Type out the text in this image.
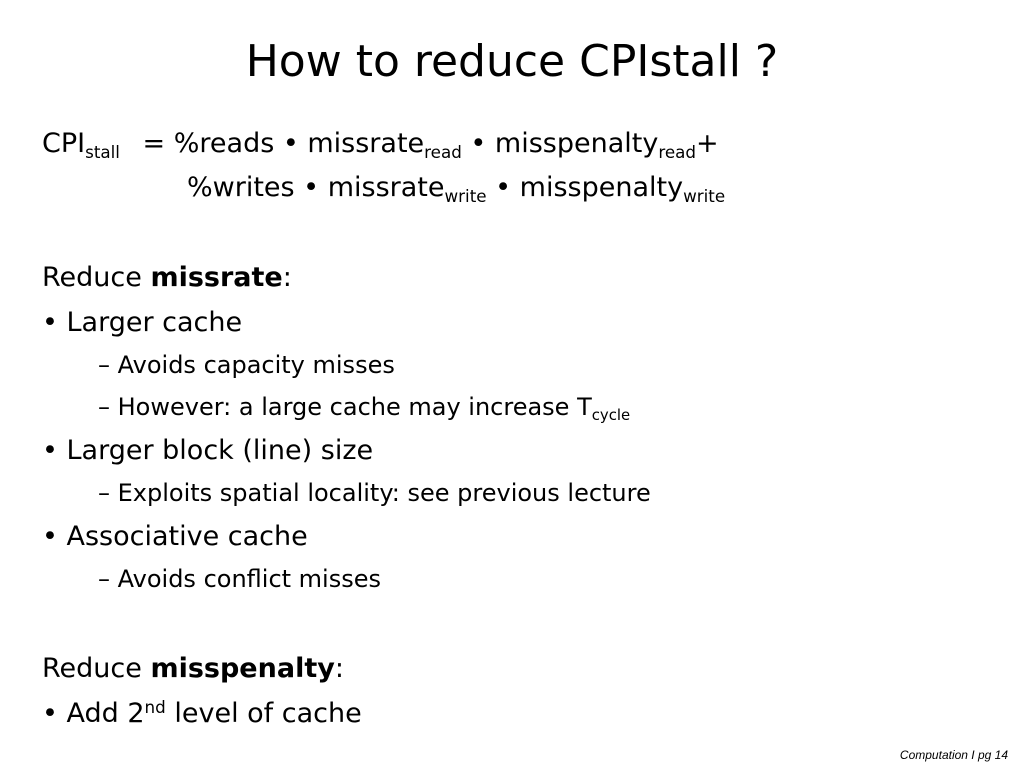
How to reduce CPIstall ?
$CPI_{stall}$ = %reads • missrate$_{read}$ • misspenalty$_{read}$+
%writes • missrate$_{write}$ • misspenalty$_{write}$
Reduce missrate:
• Larger cache
– Avoids capacity misses
– However: a large cache may increase $T_{cycle}$
• Larger block (line) size
– Exploits spatial locality: see previous lecture
• Associative cache
– Avoids conflict misses
Reduce misspenalty:
• Add 2nd level of cache
Computation I pg 14
